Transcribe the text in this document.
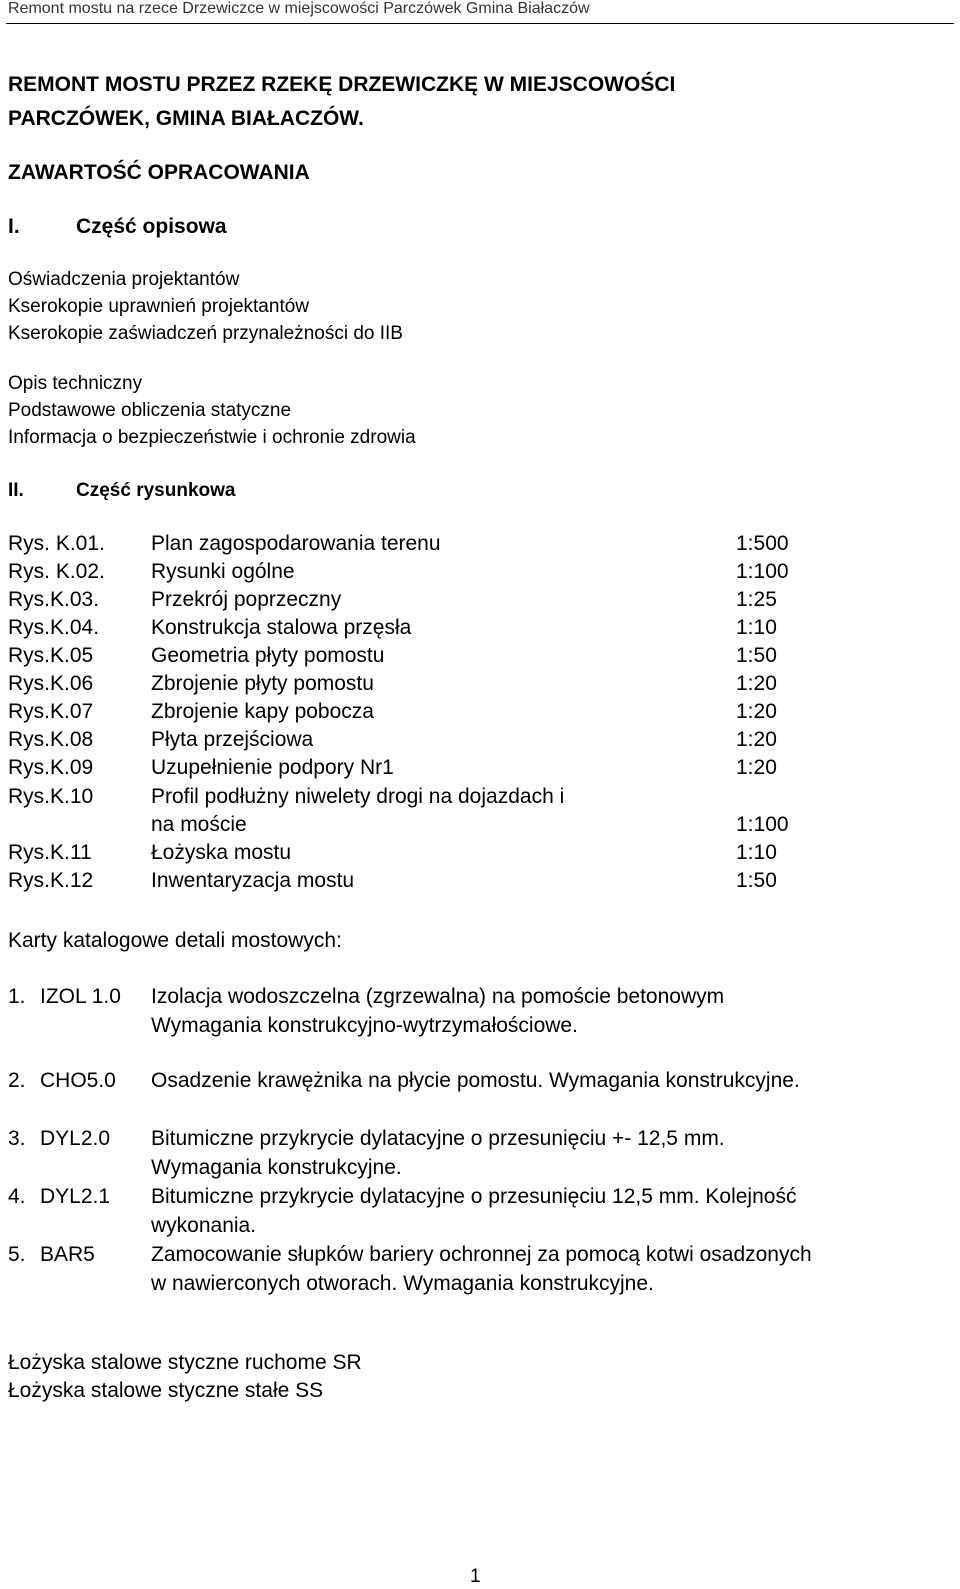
Remont mostu na rzece Drzewiczce w miejscowości Parczówek Gmina Białaczów
REMONT MOSTU PRZEZ RZEKĘ DRZEWICZKĘ W MIEJSCOWOŚCI
PARCZÓWEK, GMINA BIAŁACZÓW.
ZAWARTOŚĆ OPRACOWANIA
I.	Część opisowa
Oświadczenia projektantów
Kserokopie uprawnień projektantów
Kserokopie zaświadczeń przynależności do IIB
Opis techniczny
Podstawowe obliczenia statyczne
Informacja o bezpieczeństwie i ochronie zdrowia
II.	Część rysunkowa
Rys. K.01. Plan zagospodarowania terenu	1:500
Rys. K.02. Rysunki ogólne	1:100
Rys.K.03. Przekrój poprzeczny	1:25
Rys.K.04. Konstrukcja stalowa przęsła	1:10
Rys.K.05	Geometria płyty pomostu	1:50
Rys.K.06	Zbrojenie płyty pomostu	1:20
Rys.K.07	Zbrojenie kapy pobocza	1:20
Rys.K.08	Płyta przejściowa	1:20
Rys.K.09	Uzupełnienie podpory Nr1	1:20
Rys.K.10	Profil podłużny niwelety drogi na dojazdach i
na moście	1:100
Rys.K.11	Łożyska mostu	1:10
Rys.K.12	Inwentaryzacja mostu	1:50
Karty katalogowe detali mostowych:
1. IZOL 1.0 Izolacja wodoszczelna (zgrzewalna) na pomoście betonowym
Wymagania konstrukcyjno-wytrzymałościowe.
2. CHO5.0 Osadzenie krawężnika na płycie pomostu. Wymagania konstrukcyjne.
3. DYL2.0 Bitumiczne przykrycie dylatacyjne o przesunięciu +- 12,5 mm.
Wymagania konstrukcyjne.
4. DYL2.1 Bitumiczne przykrycie dylatacyjne o przesunięciu 12,5 mm. Kolejność
wykonania.
5. BAR5	Zamocowanie słupków bariery ochronnej za pomocą kotwi osadzonych
w nawierconych otworach. Wymagania konstrukcyjne.
Łożyska stalowe styczne ruchome SR
Łożyska stalowe styczne stałe SS
1
